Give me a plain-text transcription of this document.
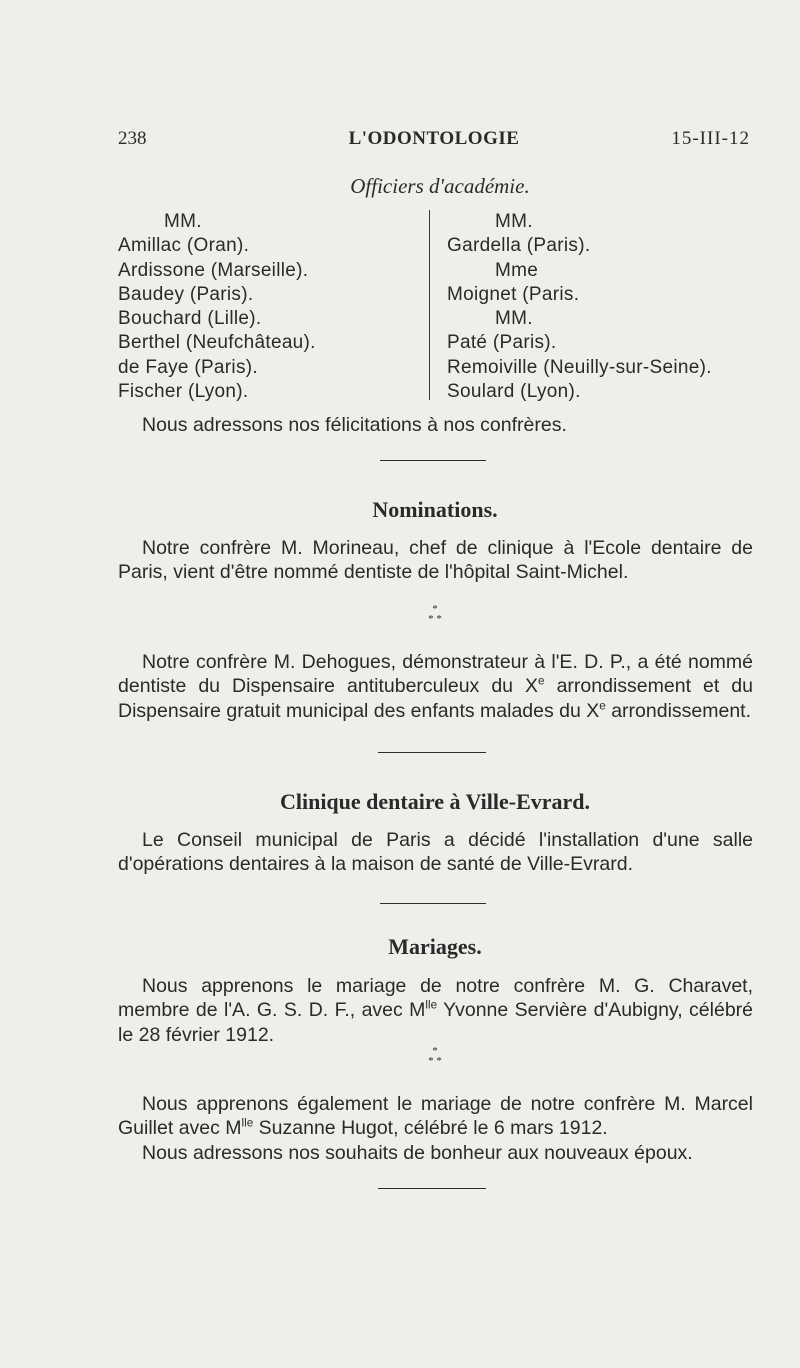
238	L'ODONTOLOGIE	15-III-12
Officiers d'académie.
MM.
Amillac (Oran).
Ardissone (Marseille).
Baudey (Paris).
Bouchard (Lille).
Berthel (Neufchâteau).
de Faye (Paris).
Fischer (Lyon).
MM.
Gardella (Paris).
Mme
Moignet (Paris.
MM.
Paté (Paris).
Remoiville (Neuilly-sur-Seine).
Soulard (Lyon).
Nous adressons nos félicitations à nos confrères.
Nominations.
Notre confrère M. Morineau, chef de clinique à l'Ecole dentaire de Paris, vient d'être nommé dentiste de l'hôpital Saint-Michel.
*
* *
Notre confrère M. Dehogues, démonstrateur à l'E. D. P., a été nommé dentiste du Dispensaire antituberculeux du Xe arrondissement et du Dispensaire gratuit municipal des enfants malades du Xe arrondissement.
Clinique dentaire à Ville-Evrard.
Le Conseil municipal de Paris a décidé l'installation d'une salle d'opérations dentaires à la maison de santé de Ville-Evrard.
Mariages.
Nous apprenons le mariage de notre confrère M. G. Charavet, membre de l'A. G. S. D. F., avec $M^{lle}$ Yvonne Servière d'Aubigny, célébré le 28 février 1912.
*
* *
Nous apprenons également le mariage de notre confrère M. Marcel Guillet avec $M^{lle}$ Suzanne Hugot, célébré le 6 mars 1912.
Nous adressons nos souhaits de bonheur aux nouveaux époux.
